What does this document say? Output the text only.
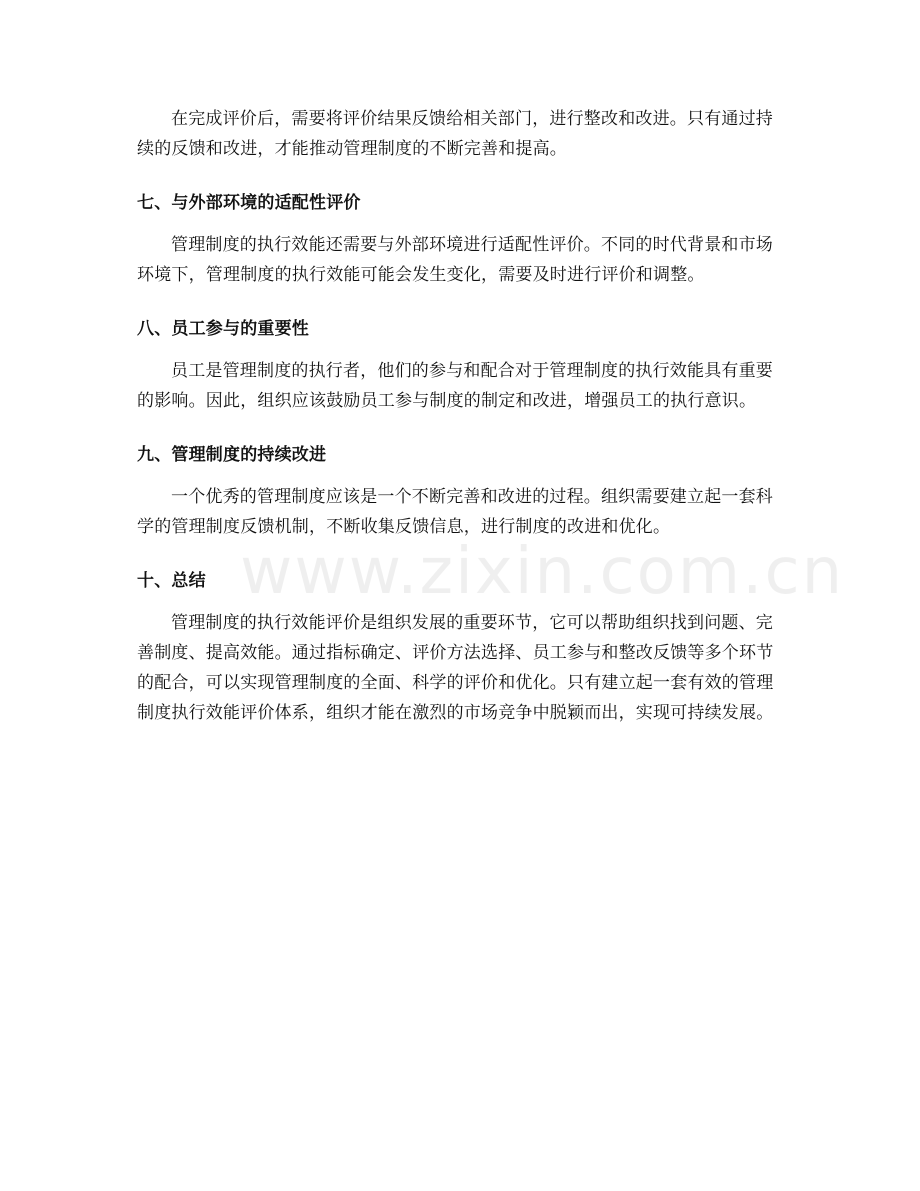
www.zixin.com.cn

在完成评价后，需要将评价结果反馈给相关部门，进行整改和改进。只有通过持续的反馈和改进，才能推动管理制度的不断完善和提高。

七、与外部环境的适配性评价

管理制度的执行效能还需要与外部环境进行适配性评价。不同的时代背景和市场环境下，管理制度的执行效能可能会发生变化，需要及时进行评价和调整。

八、员工参与的重要性

员工是管理制度的执行者，他们的参与和配合对于管理制度的执行效能具有重要的影响。因此，组织应该鼓励员工参与制度的制定和改进，增强员工的执行意识。

九、管理制度的持续改进

一个优秀的管理制度应该是一个不断完善和改进的过程。组织需要建立起一套科学的管理制度反馈机制，不断收集反馈信息，进行制度的改进和优化。

十、总结

管理制度的执行效能评价是组织发展的重要环节，它可以帮助组织找到问题、完善制度、提高效能。通过指标确定、评价方法选择、员工参与和整改反馈等多个环节的配合，可以实现管理制度的全面、科学的评价和优化。只有建立起一套有效的管理制度执行效能评价体系，组织才能在激烈的市场竞争中脱颖而出，实现可持续发展。
